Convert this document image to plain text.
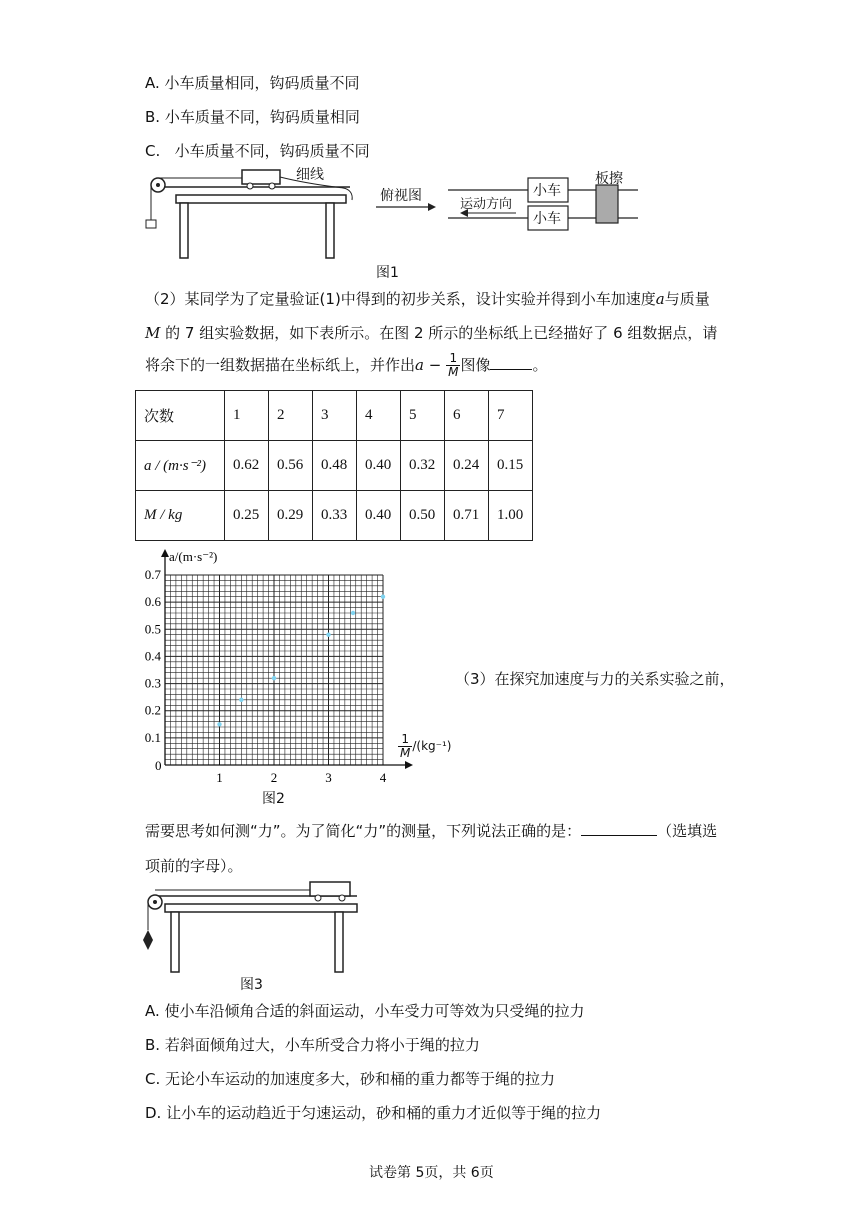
A. 小车质量相同，钩码质量不同
B. 小车质量不同，钩码质量相同
C. 小车质量不同，钩码质量不同
细线
俯视图	小车
小车
运动方向
板擦
图1
（2）某同学为了定量验证(1)中得到的初步关系，设计实验并得到小车加速度a与质量
M 的 7 组实验数据，如下表所示。在图 2 所示的坐标纸上已经描好了 6 组数据点，请
将余下的一组数据描在坐标纸上，并作出$a - \frac{1}{M}$ 图像	。
次数	1	2	3	4	5	6	7
a / (m·s⁻²)	0.62	0.56	0.48	0.40	0.32	0.24	0.15
M / kg	0.25	0.29	0.33	0.40	0.50	0.71	1.00
1	2	3	4
0.1
0.2
0.3
0.4
0.5
0.6
0.7
a/(m·s⁻²)
0
$\frac{1}{M} /(kg^{-1})$
图2
（3）在探究加速度与力的关系实验之前，
需要思考如何测“力”。为了简化“力”的测量，下列说法正确的是：	（选填选
项前的字母）。
图3
A. 使小车沿倾角合适的斜面运动，小车受力可等效为只受绳的拉力
B. 若斜面倾角过大，小车所受合力将小于绳的拉力
C. 无论小车运动的加速度多大，砂和桶的重力都等于绳的拉力
D. 让小车的运动趋近于匀速运动，砂和桶的重力才近似等于绳的拉力
试卷第 5页，共 6页
